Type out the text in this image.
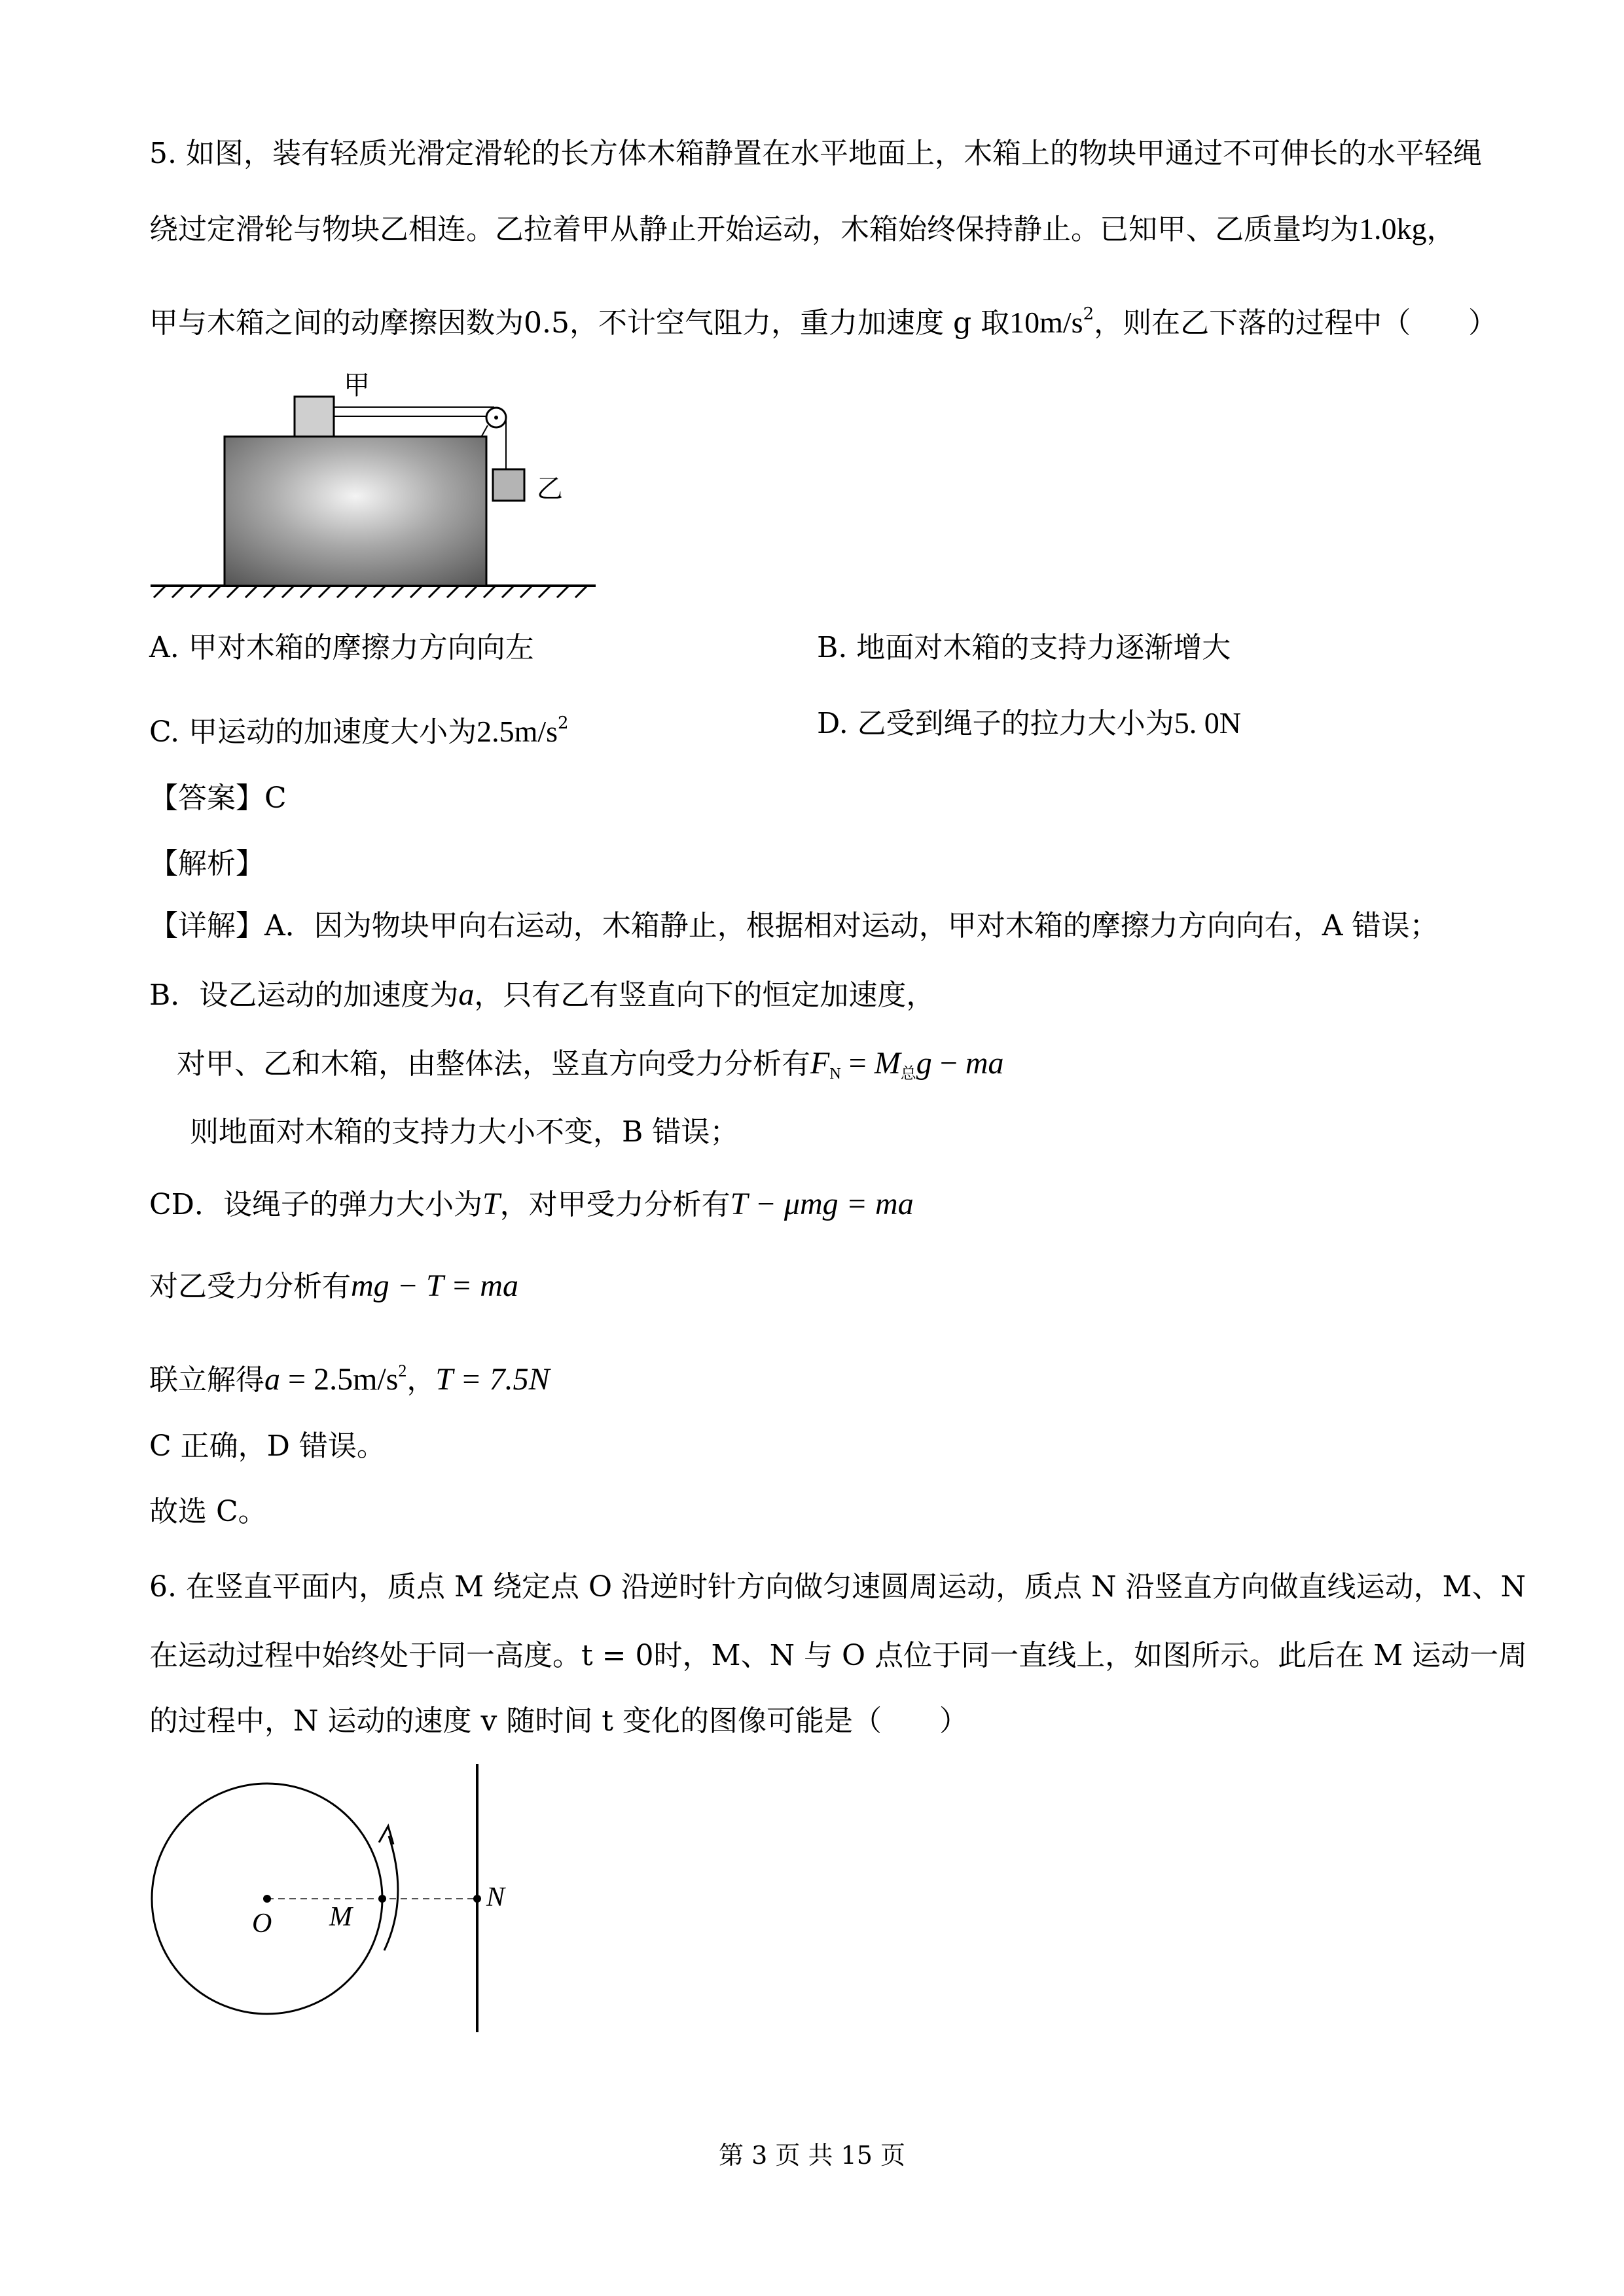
5. 如图，装有轻质光滑定滑轮的长方体木箱静置在水平地面上，木箱上的物块甲通过不可伸长的水平轻绳
绕过定滑轮与物块乙相连。乙拉着甲从静止开始运动，木箱始终保持静止。已知甲、乙质量均为1.0kg，
甲与木箱之间的动摩擦因数为0.5，不计空气阻力，重力加速度 g 取$10m/s^2$，则在乙下落的过程中（　　）
甲
乙
A. 甲对木箱的摩擦力方向向左	B. 地面对木箱的支持力逐渐增大
C. 甲运动的加速度大小为$2.5m/s^2$	D. 乙受到绳子的拉力大小为5. 0N
【答案】C
【解析】
【详解】A．因为物块甲向右运动，木箱静止，根据相对运动，甲对木箱的摩擦力方向向右，A 错误；
B．设乙运动的加速度为a，只有乙有竖直向下的恒定加速度，
对甲、乙和木箱，由整体法，竖直方向受力分析有$F_N = M_总g$ − ma
则地面对木箱的支持力大小不变，B 错误；
CD．设绳子的弹力大小为T，对甲受力分析有T − μmg = ma
对乙受力分析有mg − T = ma
联立解得$a = 2.5m/s^2$，T = 7.5N
C 正确，D 错误。
故选 C。
6. 在竖直平面内，质点 M 绕定点 O 沿逆时针方向做匀速圆周运动，质点 N 沿竖直方向做直线运动，M、N
在运动过程中始终处于同一高度。t = 0时，M、N 与 O 点位于同一直线上，如图所示。此后在 M 运动一周
的过程中，N 运动的速度 v 随时间 t 变化的图像可能是（　　）
O M
N
第 3 页 共 15 页
